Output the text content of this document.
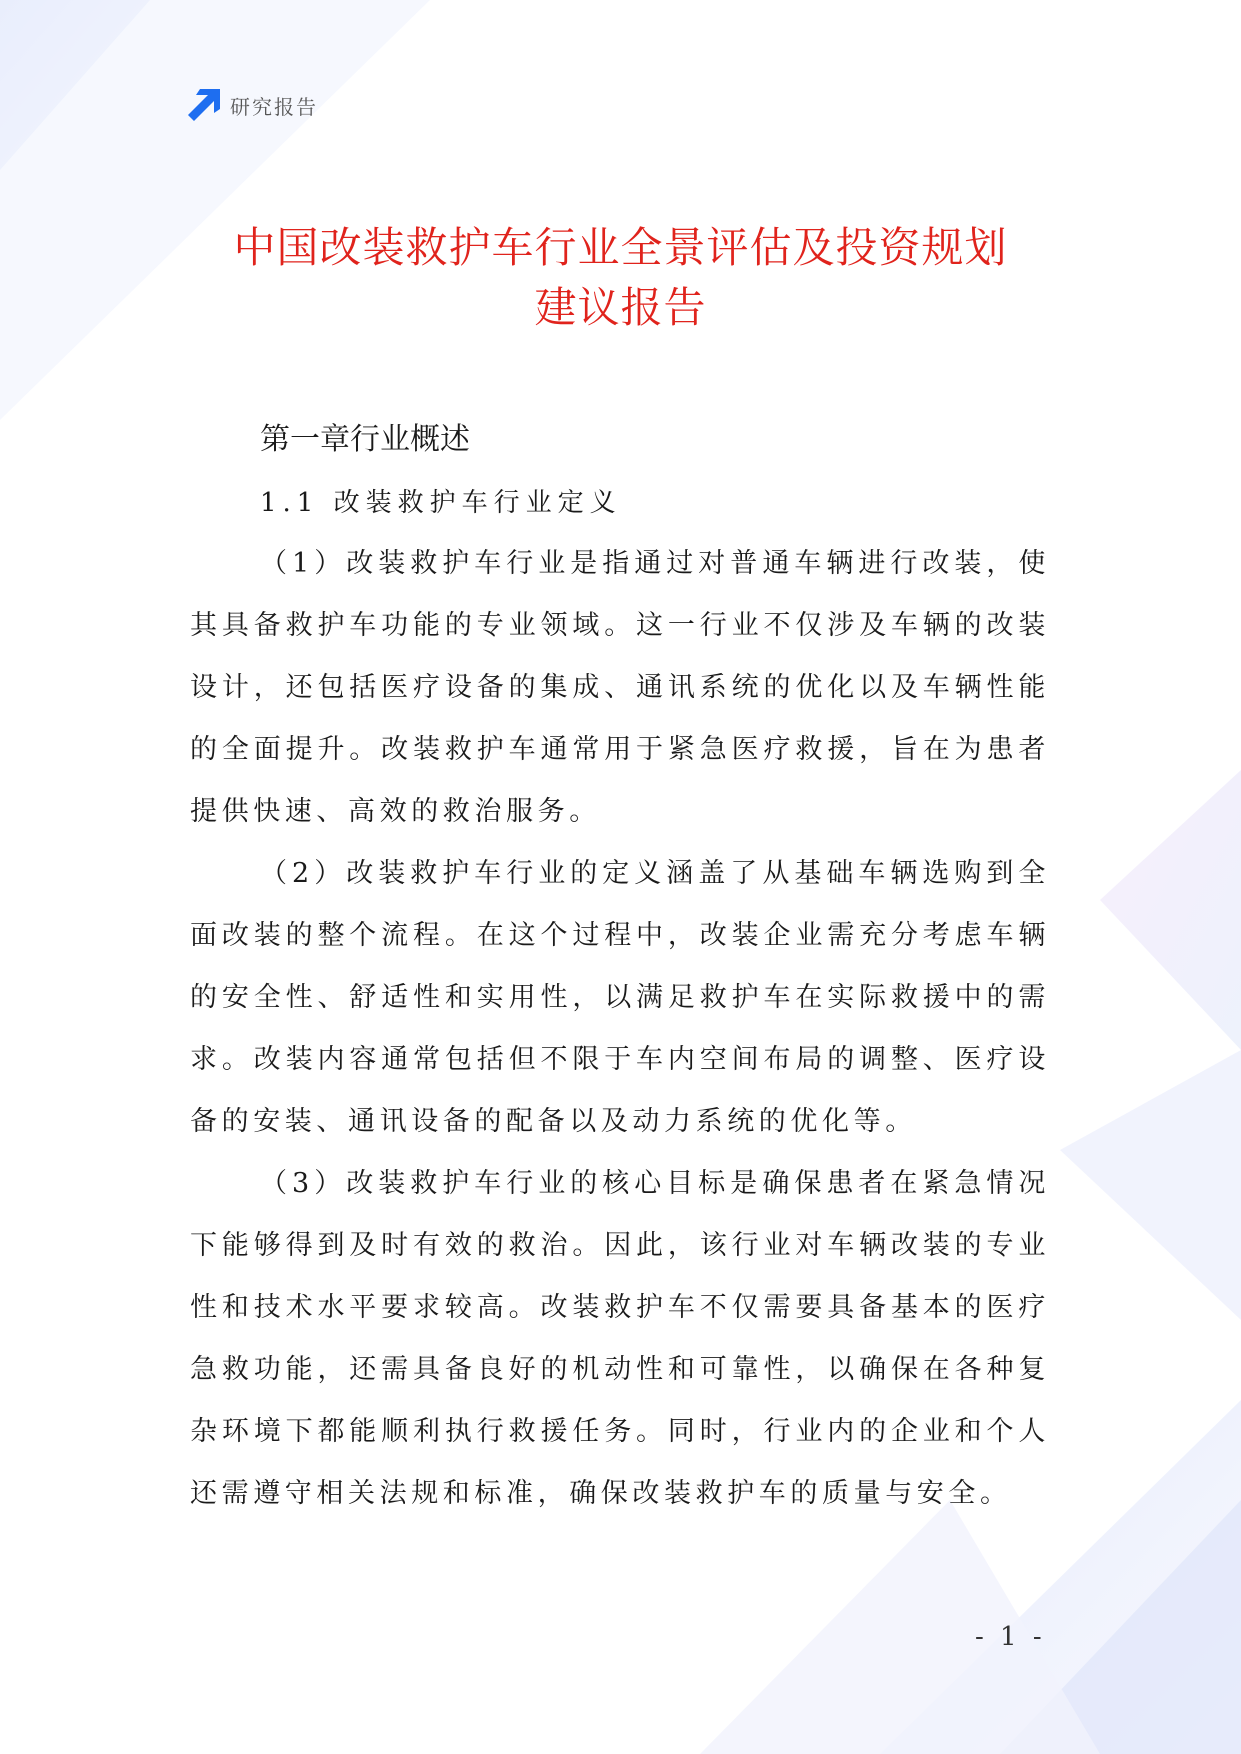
研究报告
中国改装救护车行业全景评估及投资规划
建议报告
第一章行业概述
1.1 改装救护车行业定义

（1）改装救护车行业是指通过对普通车辆进行改装，使其具备救护车功能的专业领域。这一行业不仅涉及车辆的改装设计，还包括医疗设备的集成、通讯系统的优化以及车辆性能的全面提升。改装救护车通常用于紧急医疗救援，旨在为患者提供快速、高效的救治服务。

（2）改装救护车行业的定义涵盖了从基础车辆选购到全面改装的整个流程。在这个过程中，改装企业需充分考虑车辆的安全性、舒适性和实用性，以满足救护车在实际救援中的需求。改装内容通常包括但不限于车内空间布局的调整、医疗设备的安装、通讯设备的配备以及动力系统的优化等。

（3）改装救护车行业的核心目标是确保患者在紧急情况下能够得到及时有效的救治。因此，该行业对车辆改装的专业性和技术水平要求较高。改装救护车不仅需要具备基本的医疗急救功能，还需具备良好的机动性和可靠性，以确保在各种复杂环境下都能顺利执行救援任务。同时，行业内的企业和个人还需遵守相关法规和标准，确保改装救护车的质量与安全。

- 1 -
